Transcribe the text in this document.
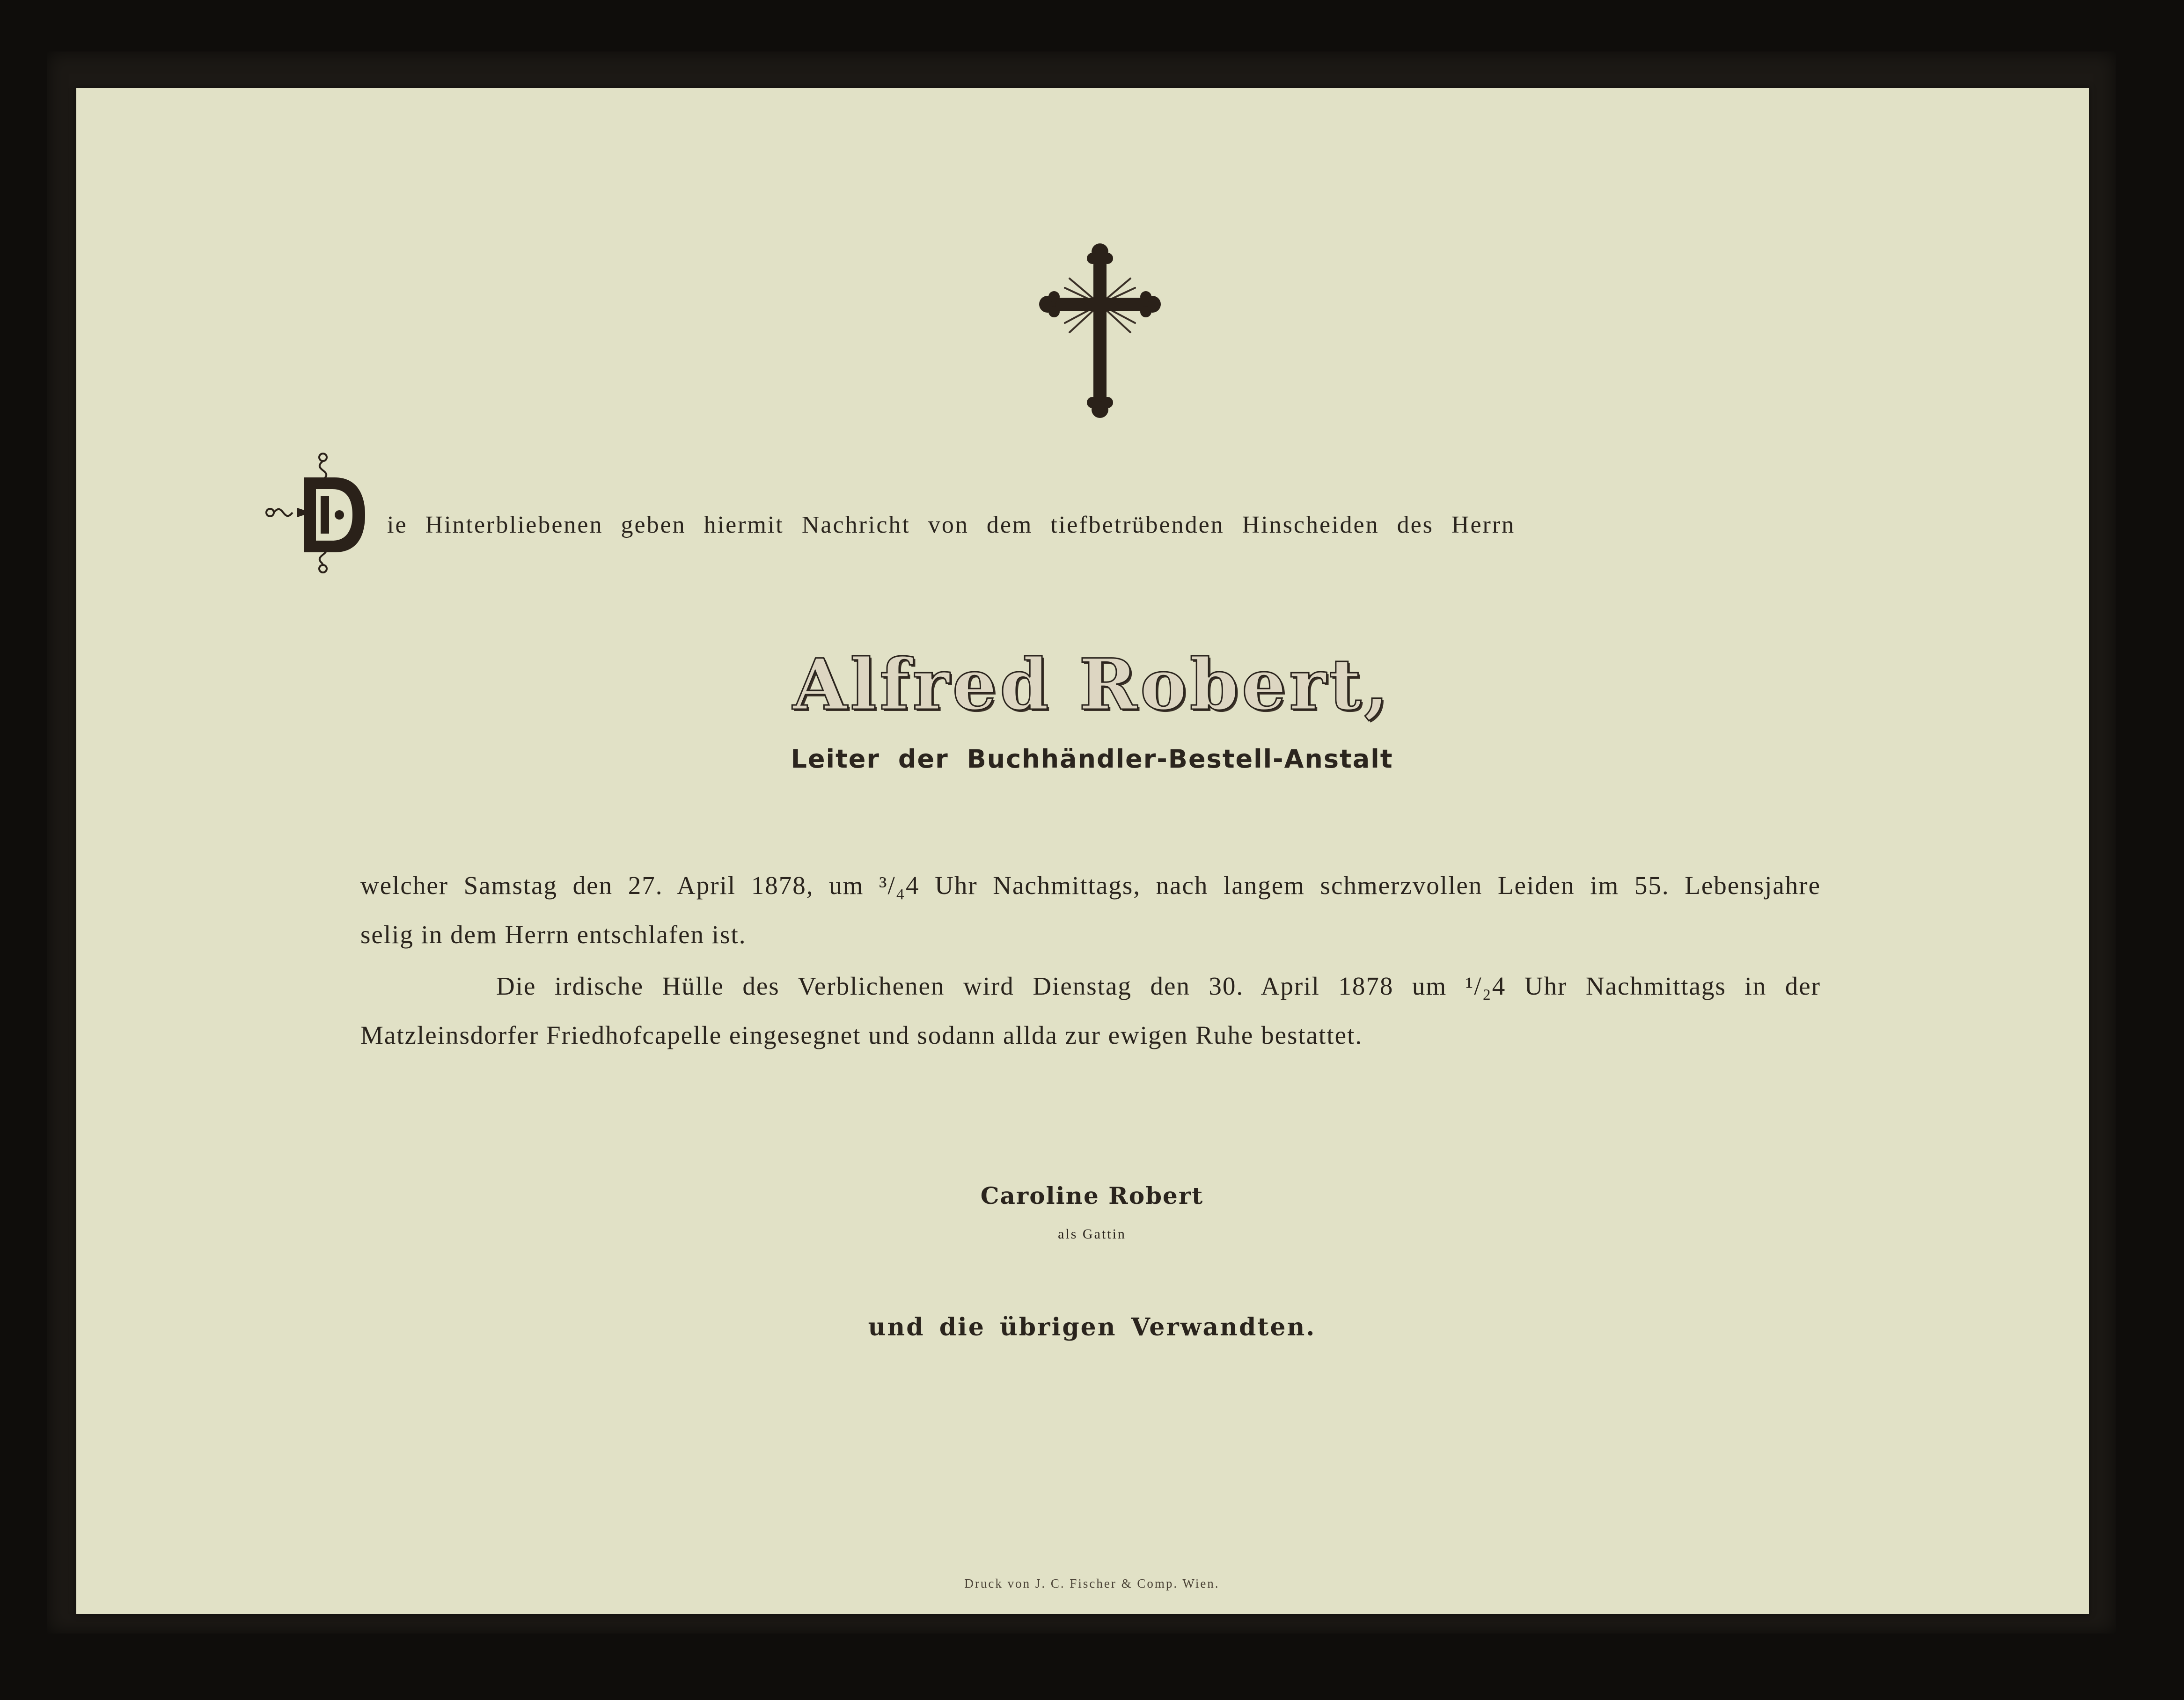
ie Hinterbliebenen geben hiermit Nachricht von dem tiefbetrübenden Hinscheiden des Herrn
Alfred Robert,
Leiter der Buchhändler-Bestell-Anstalt
welcher Samstag den 27. April 1878, um ³/₄4 Uhr Nachmittags, nach langem schmerzvollen Leiden im 55. Lebensjahre
selig in dem Herrn entschlafen ist.
Die irdische Hülle des Verblichenen wird Dienstag den 30. April 1878 um ¹/₂4 Uhr Nachmittags in der
Matzleinsdorfer Friedhofcapelle eingesegnet und sodann allda zur ewigen Ruhe bestattet.
Caroline Robert
als Gattin
und die übrigen Verwandten.
Druck von J. C. Fischer & Comp. Wien.
